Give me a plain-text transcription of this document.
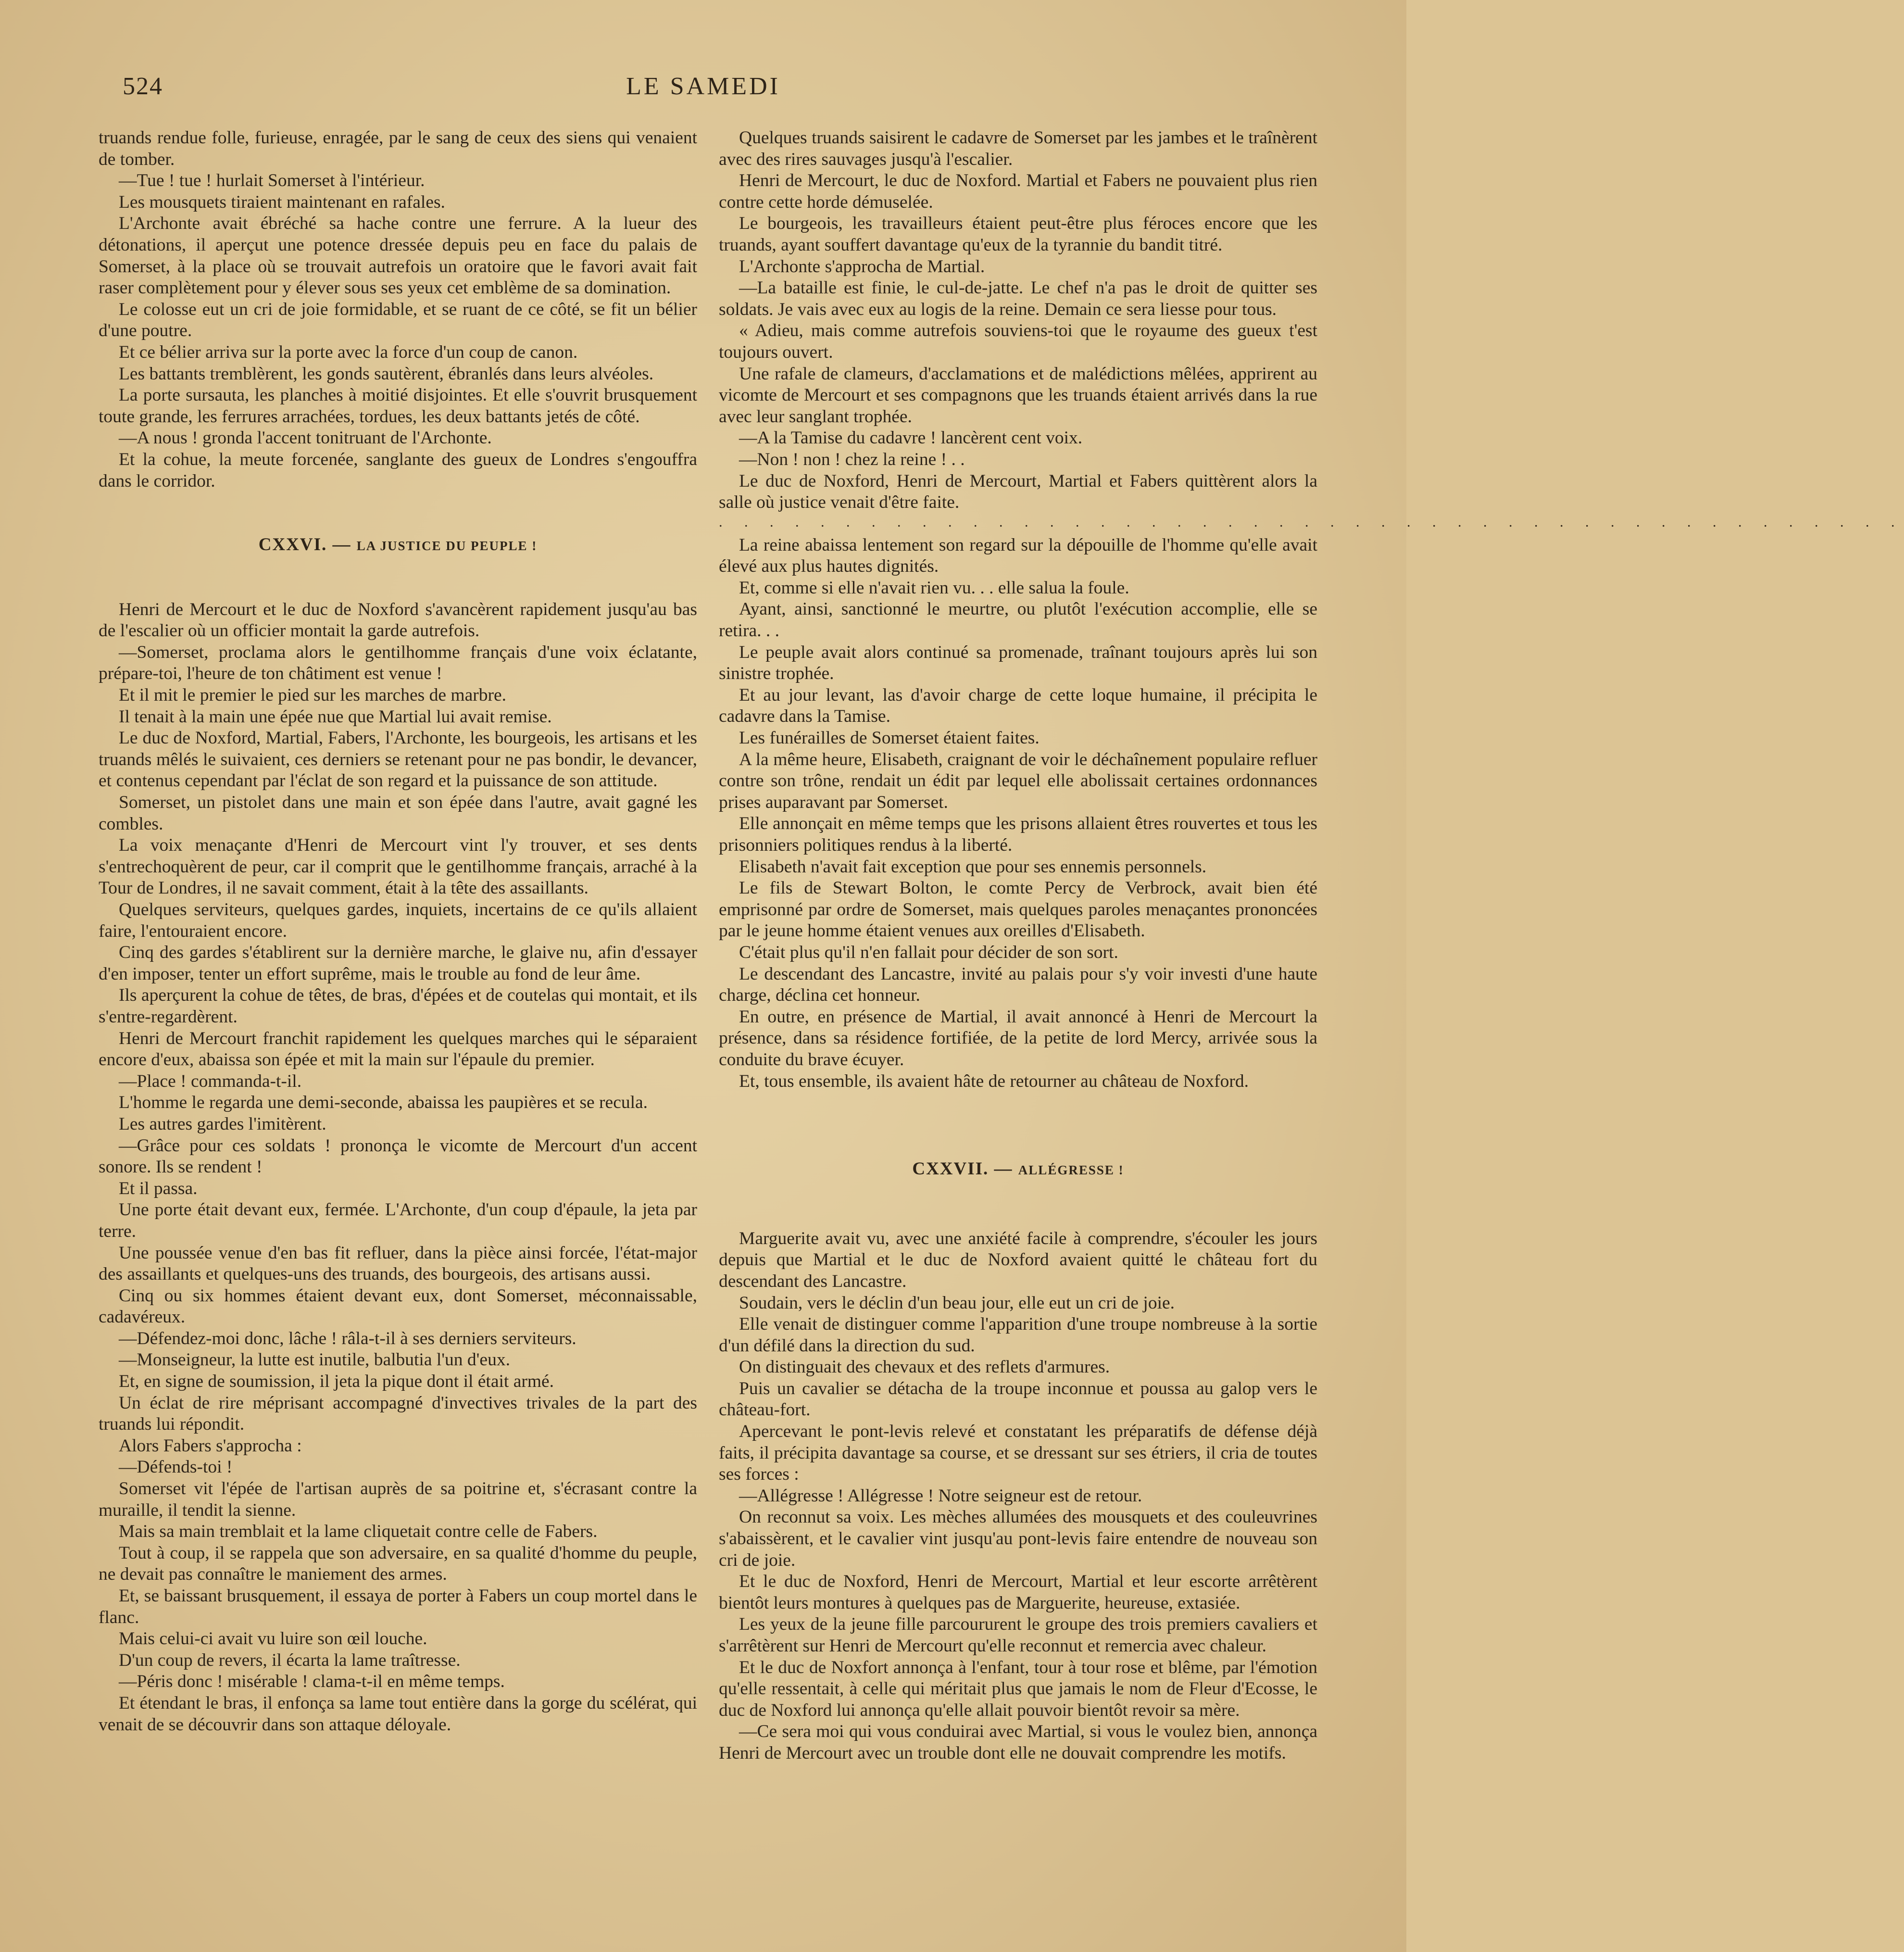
524	LE SAMEDI

truands rendue folle, furieuse, enragée, par le sang de ceux des siens qui venaient de tomber.

—Tue ! tue ! hurlait Somerset à l'intérieur.

Les mousquets tiraient maintenant en rafales.

L'Archonte avait ébréché sa hache contre une ferrure. A la lueur des détonations, il aperçut une potence dressée depuis peu en face du palais de Somerset, à la place où se trouvait autrefois un oratoire que le favori avait fait raser complètement pour y élever sous ses yeux cet emblème de sa domination.

Le colosse eut un cri de joie formidable, et se ruant de ce côté, se fit un bélier d'une poutre.

Et ce bélier arriva sur la porte avec la force d'un coup de canon.

Les battants tremblèrent, les gonds sautèrent, ébranlés dans leurs alvéoles.

La porte sursauta, les planches à moitié disjointes. Et elle s'ouvrit brusquement toute grande, les ferrures arrachées, tordues, les deux battants jetés de côté.

—A nous ! gronda l'accent tonitruant de l'Archonte.

Et la cohue, la meute forcenée, sanglante des gueux de Londres s'engouffra dans le corridor.

CXXVI. — LA JUSTICE DU PEUPLE !

Henri de Mercourt et le duc de Noxford s'avancèrent rapidement jusqu'au bas de l'escalier où un officier montait la garde autrefois.

—Somerset, proclama alors le gentilhomme français d'une voix éclatante, prépare-toi, l'heure de ton châtiment est venue !

Et il mit le premier le pied sur les marches de marbre.

Il tenait à la main une épée nue que Martial lui avait remise.

Le duc de Noxford, Martial, Fabers, l'Archonte, les bourgeois, les artisans et les truands mêlés le suivaient, ces derniers se retenant pour ne pas bondir, le devancer, et contenus cependant par l'éclat de son regard et la puissance de son attitude.

Somerset, un pistolet dans une main et son épée dans l'autre, avait gagné les combles.

La voix menaçante d'Henri de Mercourt vint l'y trouver, et ses dents s'entrechoquèrent de peur, car il comprit que le gentilhomme français, arraché à la Tour de Londres, il ne savait comment, était à la tête des assaillants.

Quelques serviteurs, quelques gardes, inquiets, incertains de ce qu'ils allaient faire, l'entouraient encore.

Cinq des gardes s'établirent sur la dernière marche, le glaive nu, afin d'essayer d'en imposer, tenter un effort suprême, mais le trouble au fond de leur âme.

Ils aperçurent la cohue de têtes, de bras, d'épées et de coutelas qui montait, et ils s'entre-regardèrent.

Henri de Mercourt franchit rapidement les quelques marches qui le séparaient encore d'eux, abaissa son épée et mit la main sur l'épaule du premier.

—Place ! commanda-t-il.

L'homme le regarda une demi-seconde, abaissa les paupières et se recula.

Les autres gardes l'imitèrent.

—Grâce pour ces soldats ! prononça le vicomte de Mercourt d'un accent sonore. Ils se rendent !

Et il passa.

Une porte était devant eux, fermée. L'Archonte, d'un coup d'épaule, la jeta par terre.

Une poussée venue d'en bas fit refluer, dans la pièce ainsi forcée, l'état-major des assaillants et quelques-uns des truands, des bourgeois, des artisans aussi.

Cinq ou six hommes étaient devant eux, dont Somerset, méconnaissable, cadavéreux.

—Défendez-moi donc, lâche ! râla-t-il à ses derniers serviteurs.

—Monseigneur, la lutte est inutile, balbutia l'un d'eux.

Et, en signe de soumission, il jeta la pique dont il était armé.

Un éclat de rire méprisant accompagné d'invectives trivales de la part des truands lui répondit.

Alors Fabers s'approcha :

—Défends-toi !

Somerset vit l'épée de l'artisan auprès de sa poitrine et, s'écrasant contre la muraille, il tendit la sienne.

Mais sa main tremblait et la lame cliquetait contre celle de Fabers.

Tout à coup, il se rappela que son adversaire, en sa qualité d'homme du peuple, ne devait pas connaître le maniement des armes.

Et, se baissant brusquement, il essaya de porter à Fabers un coup mortel dans le flanc.

Mais celui-ci avait vu luire son œil louche.

D'un coup de revers, il écarta la lame traîtresse.

—Péris donc ! misérable ! clama-t-il en même temps.

Et étendant le bras, il enfonça sa lame tout entière dans la gorge du scélérat, qui venait de se découvrir dans son attaque déloyale.

Quelques truands saisirent le cadavre de Somerset par les jambes et le traînèrent avec des rires sauvages jusqu'à l'escalier.

Henri de Mercourt, le duc de Noxford. Martial et Fabers ne pouvaient plus rien contre cette horde démuselée.

Le bourgeois, les travailleurs étaient peut-être plus féroces encore que les truands, ayant souffert davantage qu'eux de la tyrannie du bandit titré.

L'Archonte s'approcha de Martial.

—La bataille est finie, le cul-de-jatte. Le chef n'a pas le droit de quitter ses soldats. Je vais avec eux au logis de la reine. Demain ce sera liesse pour tous.

« Adieu, mais comme autrefois souviens-toi que le royaume des gueux t'est toujours ouvert.

Une rafale de clameurs, d'acclamations et de malédictions mêlées, apprirent au vicomte de Mercourt et ses compagnons que les truands étaient arrivés dans la rue avec leur sanglant trophée.

—A la Tamise du cadavre ! lancèrent cent voix.

—Non ! non ! chez la reine ! . .

Le duc de Noxford, Henri de Mercourt, Martial et Fabers quittèrent alors la salle où justice venait d'être faite.

. . . . . . . . . . . . . . . . . . . . . . . . . . . . . . . . . . . . . . . . . . . . . . .

La reine abaissa lentement son regard sur la dépouille de l'homme qu'elle avait élevé aux plus hautes dignités.

Et, comme si elle n'avait rien vu. . . elle salua la foule.

Ayant, ainsi, sanctionné le meurtre, ou plutôt l'exécution accomplie, elle se retira. . .

Le peuple avait alors continué sa promenade, traînant toujours après lui son sinistre trophée.

Et au jour levant, las d'avoir charge de cette loque humaine, il précipita le cadavre dans la Tamise.

Les funérailles de Somerset étaient faites.

A la même heure, Elisabeth, craignant de voir le déchaînement populaire refluer contre son trône, rendait un édit par lequel elle abolissait certaines ordonnances prises auparavant par Somerset.

Elle annonçait en même temps que les prisons allaient êtres rouvertes et tous les prisonniers politiques rendus à la liberté.

Elisabeth n'avait fait exception que pour ses ennemis personnels.

Le fils de Stewart Bolton, le comte Percy de Verbrock, avait bien été emprisonné par ordre de Somerset, mais quelques paroles menaçantes prononcées par le jeune homme étaient venues aux oreilles d'Elisabeth.

C'était plus qu'il n'en fallait pour décider de son sort.

Le descendant des Lancastre, invité au palais pour s'y voir investi d'une haute charge, déclina cet honneur.

En outre, en présence de Martial, il avait annoncé à Henri de Mercourt la présence, dans sa résidence fortifiée, de la petite de lord Mercy, arrivée sous la conduite du brave écuyer.

Et, tous ensemble, ils avaient hâte de retourner au château de Noxford.

CXXVII. — ALLÉGRESSE !

Marguerite avait vu, avec une anxiété facile à comprendre, s'écouler les jours depuis que Martial et le duc de Noxford avaient quitté le château fort du descendant des Lancastre.

Soudain, vers le déclin d'un beau jour, elle eut un cri de joie.

Elle venait de distinguer comme l'apparition d'une troupe nombreuse à la sortie d'un défilé dans la direction du sud.

On distinguait des chevaux et des reflets d'armures.

Puis un cavalier se détacha de la troupe inconnue et poussa au galop vers le château-fort.

Apercevant le pont-levis relevé et constatant les préparatifs de défense déjà faits, il précipita davantage sa course, et se dressant sur ses étriers, il cria de toutes ses forces :

—Allégresse ! Allégresse ! Notre seigneur est de retour.

On reconnut sa voix. Les mèches allumées des mousquets et des couleuvrines s'abaissèrent, et le cavalier vint jusqu'au pont-levis faire entendre de nouveau son cri de joie.

Et le duc de Noxford, Henri de Mercourt, Martial et leur escorte arrêtèrent bientôt leurs montures à quelques pas de Marguerite, heureuse, extasiée.

Les yeux de la jeune fille parcoururent le groupe des trois premiers cavaliers et s'arrêtèrent sur Henri de Mercourt qu'elle reconnut et remercia avec chaleur.

Et le duc de Noxfort annonça à l'enfant, tour à tour rose et blême, par l'émotion qu'elle ressentait, à celle qui méritait plus que jamais le nom de Fleur d'Ecosse, le duc de Noxford lui annonça qu'elle allait pouvoir bientôt revoir sa mère.

—Ce sera moi qui vous conduirai avec Martial, si vous le voulez bien, annonça Henri de Mercourt avec un trouble dont elle ne douvait comprendre les motifs.
